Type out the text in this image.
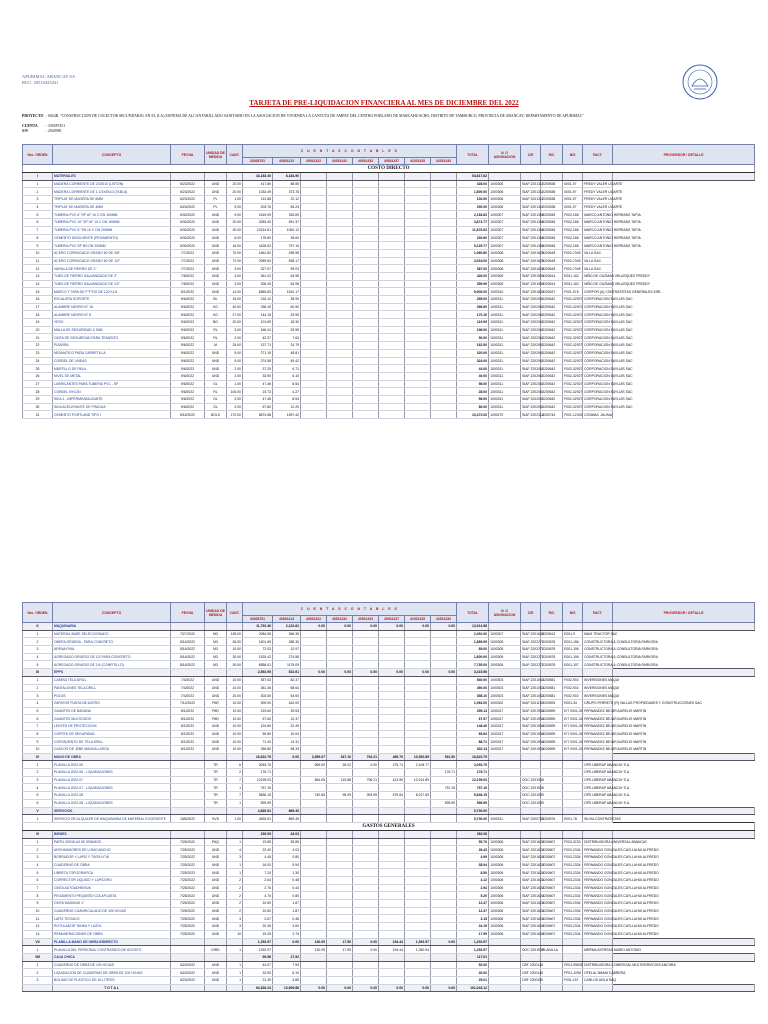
APURIMAC ABANCAY SA
RUC: 20510425431
TARJETA DE PRE-LIQUIDACION FINANCIERA AL MES DE DICIEMBRE DEL 2022
PROYECTO : 6024B. "CONSTRUCCION DE COLECTOR SECUNDARIO, EN EL (LA) SISTEMA DE ALCANTARILLADO SANITARIO EN LA ASOCIACION DE VIVIENDA LA CANTUTA DE AMPAY DEL CENTRO POBLADO DE MARCAHUACHO, DISTRITO DE TAMBURCO, PROVINCIA DE ABANCAY, DEPARTAMENTO DE APURIMAC"
CUENTA : 339287451
S/N	: 2940390
Nro. ORDEN	CONCEPTO	FECHA	UNIDAD DE MEDIDA	CANT.	C U E N T A S C O N T A B L E S								TOTAL	N. O ASIGNACION	C/E	R/C	N/S	FACT.	PROVEEDOR / DETALLE
					33928751	40531313	40531322	40531332	40531333	40531337	41531335	42531333							
COSTO DIRECTO																			
I	MATERIALES				44,183.40	8,184.90							54,817.62						
1	MADERA CORRIENTE DE 2X3X10 (LISTON)	6/23/2022	UND	20.00	417.80	88.55							328.00	1000306	SIAF 2201311	2200538	0001-97	FREDY VALER UGARTE	
2	MADERA CORRIENTE DE 1 1/2X8X10 (TABLA)	6/23/2022	UND	20.00	1033.49	373.78							1,800.00	1000306	SIAF 2201311	2200538	0001-97	FREDY VALER UGARTE	
3	TRIPLAY DE MADERA DE 6MM	6/23/2022	PL	1.00	112.88	22.12							130.00	1000306	SIAF 2201311	2200538	0001-97	FREDY VALER UGARTE	
4	TRIPLAY DE MADERA DE 4MM	6/23/2022	PL	5.00	203.76	84.24							290.00	1000306	SIAF 2201311	2200538	0001-97	FREDY VALER UGARTE	
5	TUBERIA PVC 6" SP UF 10 C DN 160MM	6/30/2022	UND	9.00	1815.99	326.69							2,183.63	1000307	SIAF 2201356	2200545	F002-188	MARCO ANTONIO HERRANS TAPIA	
6	TUBERIA PVC 10" SP UF 10 C DN 160MM	6/30/2022	UND	20.00	3283.40	591.37							3,874.77	1000307	SIAF 2201356	2200545	F002-188	MARCO ANTONIO HERRANS TAPIA	
7	TUBERIA PVC 6" SN 10 C DN 200MM	6/30/2022	UND	30.00	10214.81	1062.12							11,876.53	1000307	SIAF 2201356	2200545	F002-188	MARCO ANTONIO HERRANS TAPIA	
8	CEMENTO DISOLVENTE (PEGAMENTO)	6/30/2022	UND	6.00	178.80	28.60							230.60	1000307	SIAF 2201356	2200545	F002-188	MARCO ANTONIO HERRANS TAPIA	
9	TUBERIA PVC SP NS DN 200MM	6/30/2022	UND	16.00	4428.62	797.15							5,225.77	1000307	SIAF 2201356	2200545	F002-188	MARCO ANTONIO HERRANS TAPIA	
10	ACERO CORRUGADO GRADO 60 DE 3/8"	7/7/2022	UND	70.00	1661.82	298.98							1,960.80	1000308	SIAF 2201628	2200618	F002-7049	VILLA SAC	
11	ACERO CORRUGADO GRADO 60 DE 1/2"	7/7/2022	UND	72.00	2959.83	538.17							3,518.00	1000308	SIAF 2201628	2200618	F002-7049	VILLA SAC	
12	VARILLA DE FIERRO DE 1"	7/7/2022	UND	3.00	327.97	59.03							387.00	1000308	SIAF 2201628	2200618	F002-7049	VILLA SAC	
13	TUBO DE FIERRO GALVANIZADO DE 2"	7/8/2022	UND	3.00	361.02	64.98							426.00	1000309	SIAF 2201594	2200614	E001-162	NIÑO DE GUZMAN VELASQUEZ FREDDY	
14	TUBO DE FIERRO GALVANIZADO DE 1/2"	7/8/2022	UND	3.00	305.49	54.98							359.99	1000309	SIAF 2201594	2200614	E001-162	NIÑO DE GUZMAN VELASQUEZ FREDDY	
15	MARCO Y TAPA DE F°F°DO DE 120 KLG	8/1/2022	UND	14.00	8389.83	1510.17							9,900.00	1000310	SIAF 2201803	2200637	F001-976	CORPOR.(A) CONTRATISTAS GENERALES EIRL	
16	ESCALERA SOPORTE	9/6/2022	BL	15.00	216.10	38.90							255.00	1000311	SIAF 2202061	2200642	F002-32927	CORPORACION EAYLUIS SAC	
17	ALAMBRE NEGRO N° 16	9/6/2022	KG	40.00	336.10	60.50							396.60	1000311	SIAF 2202061	2200642	F002-32927	CORPORACION EAYLUIS SAC	
18	ALAMBRE NEGRO N° 8	9/6/2022	KG	27.00	144.15	25.95							170.10	1000311	SIAF 2202061	2200642	F002-32927	CORPORACION EAYLUIS SAC	
19	YESO	9/6/2022	BO	20.00	101.69	18.30							119.99	1000311	SIAF 2202061	2200642	F002-32927	CORPORACION EAYLUIS SAC	
20	MALLA DE SEGURIDAD X 50M	9/6/2022	RL	3.00	166.41	29.59							196.00	1000311	SIAF 2202061	2200642	F002-32927	CORPORACION EAYLUIS SAC	
21	CINTA DE SEGURIDAD PARA TRANSITO	9/6/2022	RL	2.00	42.37	7.63							50.00	1000311	SIAF 2202061	2200642	F002-32927	CORPORACION EAYLUIS SAC	
22	PIZARRA	9/6/2022	M	25.00	137.71	24.79							162.50	1000311	SIAF 2202061	2200642	F002-32927	CORPORACION EAYLUIS SAC	
23	NEUMATICO PARA CARRETILLA	9/6/2022	UND	5.00	271.19	48.81							320.00	1000311	SIAF 2202061	2200642	F002-32927	CORPORACION EAYLUIS SAC	
24	CORDEL DE LINEAS	9/6/2022	UND	5.00	274.58	49.42							324.00	1000311	SIAF 2202061	2200642	F002-32927	CORPORACION EAYLUIS SAC	
25	MARTILLO DE PALA	9/6/2022	UND	2.00	37.29	6.71							44.00	1000311	SIAF 2202061	2200642	F002-32927	CORPORACION EAYLUIS SAC	
26	NIVEL DE METAL	9/6/2022	UND	2.00	33.90	6.10							40.00	1000311	SIAF 2202061	2200642	F002-32927	CORPORACION EAYLUIS SAC	
27	LUBRICANTES PARA TUBERIA PVC - SP	9/6/2022	GL	1.00	47.46	8.54							56.00	1000311	SIAF 2202061	2200642	F002-32927	CORPORACION EAYLUIS SAC	
28	CORDEL NYLON	9/6/2022	RL	100.00	23.73	4.27							28.00	1000311	SIAF 2202061	2200642	F002-32927	CORPORACION EAYLUIS SAC	
29	SIKA 1 - IMPERMEABILIZANTE	9/6/2022	GL	2.00	47.46	8.54							56.00	1000311	SIAF 2202061	2200642	F002-32927	CORPORACION EAYLUIS SAC	
30	SIKA ACELERANTE DE FRAGUA	9/6/2022	GL	2.00	67.80	12.20							80.00	1000311	SIAF 2202061	2200642	F002-32927	CORPORACION EAYLUIS SAC	
31	CEMENTO PORTLAND TIPO I	8/16/2022	BOLS	170.00	8874.58	1597.42							10,472.00	1000279	SIAF 2202314	2200744	F001-12333	CONMAC JULIMA	
Nro. ORDEN	CONCEPTO	FECHA	UNIDAD DE MEDIDA	CANT.	C U E N T A S C O N T A B L E S								TOTAL	N. O ASIGNACION	C/E	R/C	N/S	FACT.	PROVEEDOR / DETALLE
					33928751	40531313	40531322	40531332	40531333	40531337	41531335	42531333							
II	MAQUINARIA				11,792.36	2,122.62	0.00	0.00	0.00	0.00	0.00	0.00	13,914.98						
1	MATERIAL BASE SELECCIONADO	7/27/2022	M3	135.00	2084.65	366.35							2,451.00	1000307	SIAF 2201648	2200612	E001-9	MAXI TRACTOR SAC	
2	OBERA GRUESA - PARA CONCRETO	8/16/2022	M3	36.00	1601.69	288.30							1,889.99	1000305	SIAF 2202271	2200578	E001-196	CONSTRUCTORA & CONSULTORIA PARKORA	
3	ARENA FINA	8/16/2022	M3	10.00	72.03	12.97							85.00	1000305	SIAF 2202271	2200578	E001-196	CONSTRUCTORA & CONSULTORIA PARKORA	
4	AGREGADO GRUESO DE 1/2 PARA CONCRETO	8/16/2022	M3	30.00	1525.42	274.58							1,800.00	1000305	SIAF 2202271	2200578	E001-196	CONSTRUCTORA & CONSULTORIA PARKORA	
5	AGREGADO GRUESO DE 1/4 (CONFITILLO)	8/16/2022	M3	30.00	6556.61	1178.09							7,735.00	1000305	SIAF 2202271	2200578	E001-197	CONSTRUCTORA & CONSULTORIA PARKORA	
III	EPPS				2,892.95	522.61	0.00	0.00	0.00	0.00	0.00	0.00	3,415.56						
1	CAMISA TELA DRILL	7/4/2022	UND	10.00	357.63	82.37							540.00	1000303	SIAF 2201063	2200581	F002-902	INVERSIONES MAQUI	
2	PANTALONES TELA DRILL	7/4/2022	UND	10.00	381.36	68.64							450.00	1000303	SIAF 2201063	2200581	F002-902	INVERSIONES MAQUI	
3	POLOS	7/4/2022	UND	20.00	303.50	54.60							358.10	1000303	SIAF 2201063	2200581	F002-902	INVERSIONES MAQUI	
4	ZAPATOS PUNTA DE ACERO	7/12/2022	PAR	10.00	900.00	162.00							1,062.00	1000302	SIAF 2201150	2200593	E001-34	GRUPO FERRETE (R) VALLAS PROPIEDADES Y CONSTRUCCIONES SAC	
5	GUANTES DE BADANA	8/1/2022	PAR	10.00	219.60	39.53							259.13	1000317	SIAF 2201934	2200695	E/T 0001-30	FERNANDEZ BEJAR AURELIO MARTIN	
6	GUANTES MULTIUSOS	8/1/2022	PAR	10.00	57.60	10.37							67.97	1000317	SIAF 2201934	2200695	E/T 0001-30	FERNANDEZ BEJAR AURELIO MARTIN	
7	LENTES DE PROTECCION	8/1/2022	UND	10.00	124.80	22.49							148.40	1000317	SIAF 2201934	2200695	E/T 0001-30	FERNANDEZ BEJAR AURELIO MARTIN	
8	CORTES DE SEGURIDAD	8/1/2022	UND	10.00	55.80	10.04							65.84	1000317	SIAF 2201934	2200695	E/T 0001-30	FERNANDEZ BEJAR AURELIO MARTIN	
9	CORTAVIENTO DE TELA DRILL	8/1/2022	UND	10.00	71.40	13.31							88.71	1000317	SIAF 2201934	2200695	E/T 0001-30	FERNANDEZ BEJAR AURELIO MARTIN	
10	CASCOS DE JEBE MANGA LARGA	8/1/2022	UND	10.00	256.80	58.33							302.13	1000317	SIAF 2201934	2200695	E/T 0001-30	FERNANDEZ BEJAR AURELIO MARTIN	
IV	MANO DE OBRA				16,622.79	0.00	3,559.07	347.10	794.21	489.70	10,592.89	931.50	16,622.79						
1	PLANILLA 2022-06		TR	6	3053.75		969.00	28.22	0.00	275.71	2,108.77		3,053.75					OPE.UBERAP ABANCAY S.A.	
2	PLANILLA 2022-06 - LIQUIDACIONES		TR	2	176.71							176.71	176.71					OPE.UBERAP ABANCAY S.A.	
3	PLANILLA 2022-07		TR	7	12199.03		864.05	119.88	796.21	413.99	10,014.89		12,199.03		DOC 2201938			OPE.UBERAP ABANCAY S.A.	
4	PLANILLA 2022-07 - LIQUIDACIONES		TR	1	757.19							757.19	757.19		DOC 2201938			OPE.UBERAP ABANCAY S.A.	
5	PLANILLA 2022-08		TR	7	9836.15		740.65	95.09	393.99	579.84	8,017.69		9,836.15		DOC 2201939			OPE.UBERAP ABANCAY S.A.	
6	PLANILLA 2022-08 - LIQUIDACIONES		TR	1	599.99							599.99	599.99		DOC 2201939			OPE.UBERAP ABANCAY S.A.	
V	SERVICIOS				4,830.51	869.49							5,700.00						
1	SERVICIO DE ALQUILER DE MAQUINARIA DE MATERIAL EXCEDENTE	18/6/2022	SVS	1.00	4830.51	869.49							5,700.00	1000311	SIAF 2200780	2200576	E001-78	SILVIA CONTRATISTAS	
GASTOS GENERALES																			
VI	BIENES				239.05	43.03							282.08						
1	PAPEL BOND A4 80 GRAMOS	7/25/2022	PAQ	1	19.85	35.85							55.70	1000306	SIAF 2201624	2200607	F003-3233	DISTRIBUIDORA UNIVERSAL ABANCAY	
2	ARCHIVADORES DE LOMO ANCHO	7/25/2022	UND	4	22.40	4.03							26.43	1000306	SIAF 2201624	2200607	F003-2334	FERNANDO GONZALES CAYLLAHUI ALFREDO	
3	BORRADOR Y LAPIZ Y TINTA N°18	7/25/2022	UND	3	4.45	0.80							4.99	1000306	SIAF 2201624	2200607	F003-2334	FERNANDO GONZALES CAYLLAHUI ALFREDO	
4	CUADERNO DE OBRA	7/25/2022	UND	1	16.00	5.94							38.94	1000306	SIAF 2201624	2200607	F003-2334	FERNANDO GONZALES CAYLLAHUI ALFREDO	
5	LIBRETA TOPOGRAFICA	7/25/2022	UND	1	7.20	1.30							8.50	1000306	SIAF 2201624	2200607	F003-2334	FERNANDO GONZALES CAYLLAHUI ALFREDO	
6	CORRECTOR LIQUIDO Y LAPICERO	7/25/2022	UND	2	2.64	0.48							3.12	1000306	SIAF 2201624	2200607	F003-2334	FERNANDO GONZALES CAYLLAHUI ALFREDO	
7	CINTA AUTOADHESIVA	7/25/2022	UND	2	2.76	0.44							2.94	1000306	SIAF 2201624	2200607	F003-2334	FERNANDO GONZALES CAYLLAHUI ALFREDO	
8	PEGAMENTO PEQUEÑO COLAPLASTA	7/25/2022	UND	2	4.70	0.80							5.20	1000306	SIAF 2201624	2200607	F003-2334	FERNANDO GONZALES CAYLLAHUI ALFREDO	
9	CINTA MASKING 1"	7/25/2022	UND	2	10.50	1.87							12.37	1000306	SIAF 2201624	2200607	F003-2334	FERNANDO GONZALES CAYLLAHUI ALFREDO	
10	CUADERNO CUADRICULADO DE 100 HOJAS	7/25/2022	UND	2	10.50	1.87							12.37	1000306	SIAF 2201624	2200607	F003-2334	FERNANDO GONZALES CAYLLAHUI ALFREDO	
11	LAPIZ TECNICO	7/25/2022	UND	3	2.67	0.48							3.15	1000306	SIAF 2201624	2200607	F003-2334	FERNANDO GONZALES CAYLLAHUI ALFREDO	
12	ROTULADOR TANKA Y LAZOL	7/25/2022	UND	3	20.39	3.60							24.19	1000306	SIAF 2201624	2200607	F003-2334	FERNANDO GONZALES CAYLLAHUI ALFREDO	
13	REMUNERACIONES DE OBRA	7/25/2022	UND	10	15.25	2.74							17.99	1000306	SIAF 2201624	2200607	F003-2334	FERNANDO GONZALES CAYLLAHUI ALFREDO	
VII	PLANILLA MANO DE OBRA INDIRECTO				1,292.97	0.00	130.09	17.50	0.00	194.44	1,592.97	0.00	1,292.97						
1	PLANILLA DEL PERSONAL CONTRATADO DE AGOSTO		DIRD	1	1292.97		130.09	17.50	0.00	194.44	1,050.94		1,292.97		DOC 2201934	PLANILLA		MERMA AYERSSA MARIO ANTONIO	
VIII	CAJA CHICA				99.56	17.92							117.01						
1	CUADERNO DE OBRA DE 100 HOJAS	6/23/2022	UND	1	44.07	7.93							52.00		CBF 2200146		FE01-95635	DISTRIBUIDORA COMERCIAL MULTISERVICIOS ANCHRA	
2	LIQUIDACION DE CUADERNO DE OBRA DE 100 HOJAS	6/23/2022	UND	1	33.90	6.10							40.00		CBF 2200146		FP01-1096	OFELIA JIMANI CABRERA	
3	BOLSAS DE PLASTICO DE 16 LITROS	6/23/2022	UND	1	21.39	3.85							25.01		CBF 2200150		F001-157	CARLOS AVILA SAQ	
	T O T A L				94,526.23	13,905.88	0.00	0.00	0.00	0.00	0.00	0.00	101,043.12						
